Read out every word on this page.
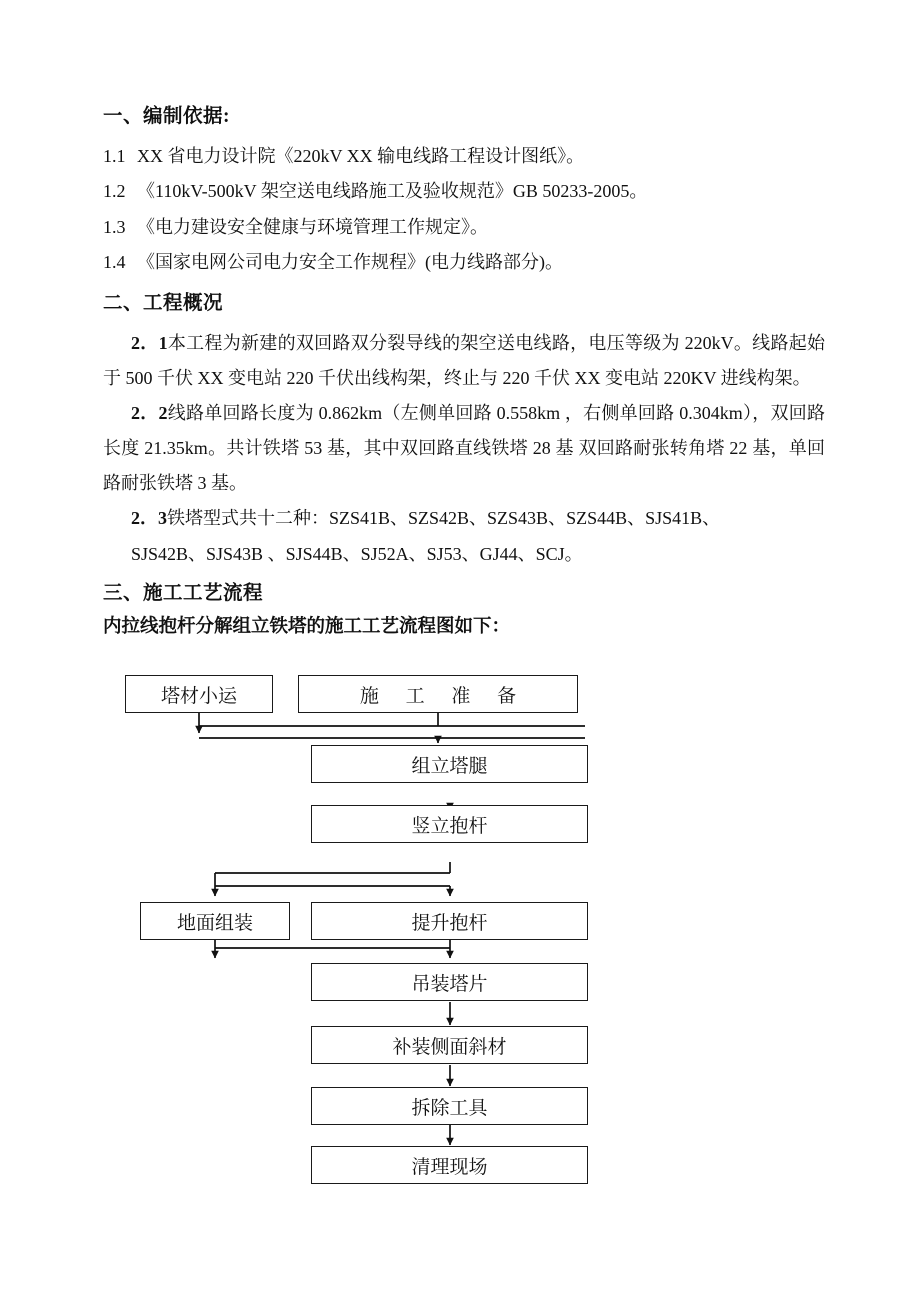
一、编制依据:

1.1 XX 省电力设计院《220kV XX 输电线路工程设计图纸》。

1.2 《110kV-500kV 架空送电线路施工及验收规范》GB 50233-2005。

1.3 《电力建设安全健康与环境管理工作规定》。

1.4 《国家电网公司电力安全工作规程》(电力线路部分)。

二、工程概况

2．1本工程为新建的双回路双分裂导线的架空送电线路，电压等级为 220kV。线路起始于 500 千伏 XX 变电站 220 千伏出线构架，终止与 220 千伏 XX 变电站 220KV 进线构架。

2．2线路单回路长度为 0.862km（左侧单回路 0.558km ，右侧单回路 0.304km），双回路长度 21.35km。共计铁塔 53 基，其中双回路直线铁塔 28 基 双回路耐张转角塔 22 基，单回路耐张铁塔 3 基。

2．3铁塔型式共十二种：SZS41B、SZS42B、SZS43B、SZS44B、SJS41B、
SJS42B、SJS43B 、SJS44B、SJ52A、SJ53、GJ44、SCJ。

三、施工工艺流程
内拉线抱杆分解组立铁塔的施工工艺流程图如下：
塔材小运	施 工 准 备
组立塔腿
竖立抱杆
地面组装	提升抱杆
吊装塔片
补装侧面斜材
拆除工具
清理现场
